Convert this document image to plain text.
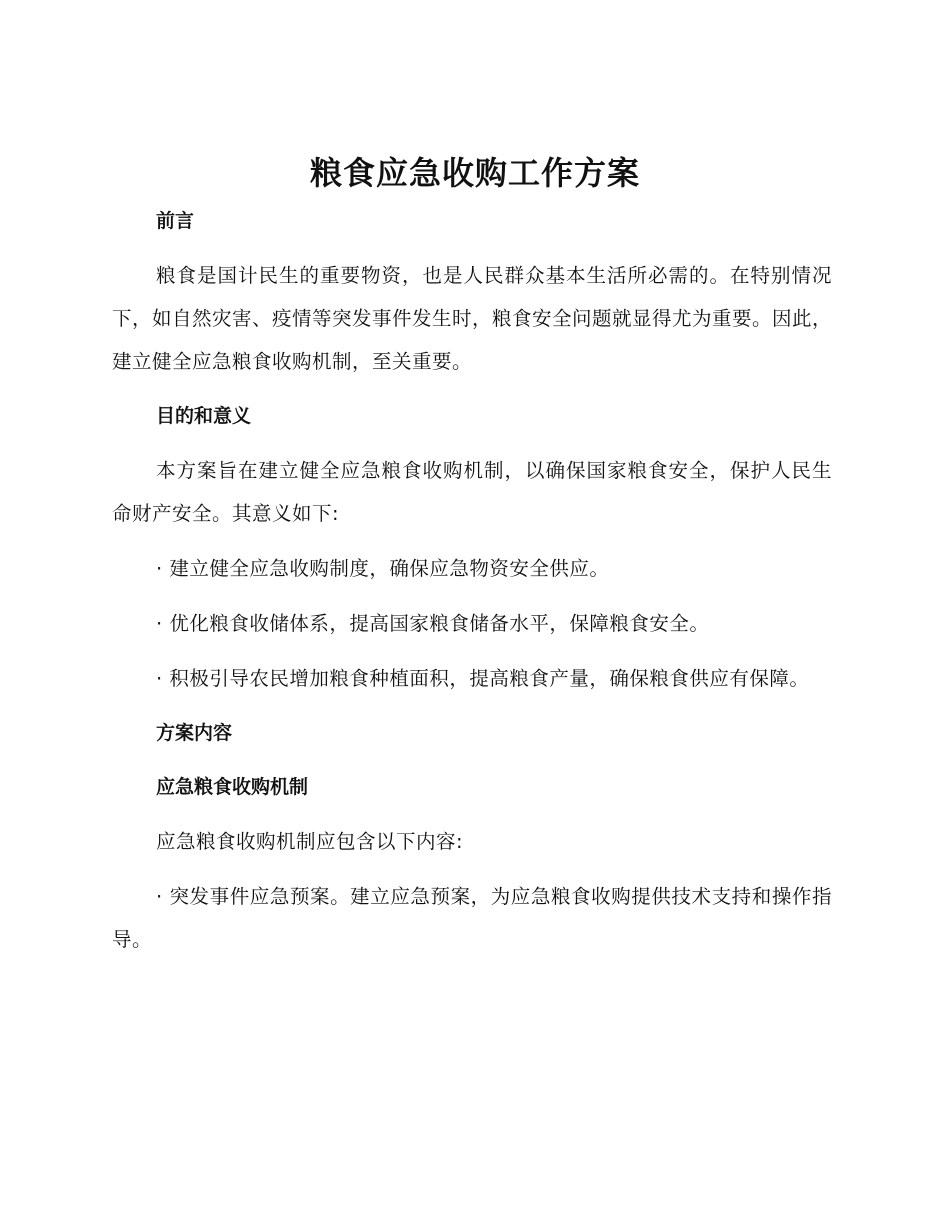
粮食应急收购工作方案

前言

粮食是国计民生的重要物资，也是人民群众基本生活所必需的。在特别情况下，如自然灾害、疫情等突发事件发生时，粮食安全问题就显得尤为重要。因此，建立健全应急粮食收购机制，至关重要。

目的和意义

本方案旨在建立健全应急粮食收购机制，以确保国家粮食安全，保护人民生命财产安全。其意义如下:

· 建立健全应急收购制度，确保应急物资安全供应。

· 优化粮食收储体系，提高国家粮食储备水平，保障粮食安全。

· 积极引导农民增加粮食种植面积，提高粮食产量，确保粮食供应有保障。

方案内容

应急粮食收购机制

应急粮食收购机制应包含以下内容:

· 突发事件应急预案。建立应急预案，为应急粮食收购提供技术支持和操作指导。
